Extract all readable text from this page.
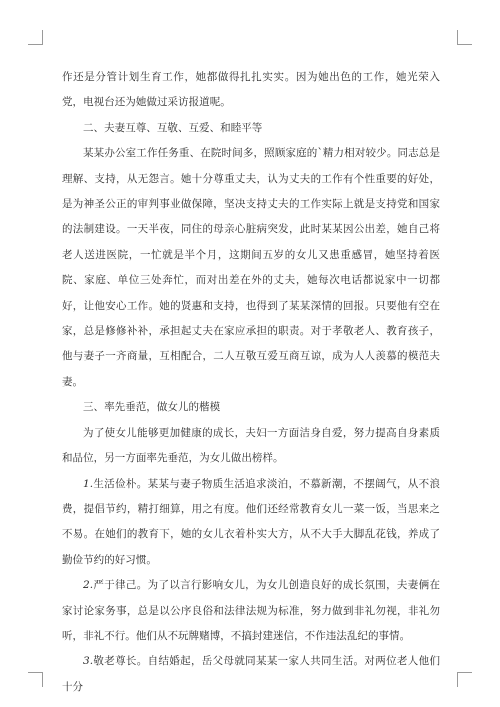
作还是分管计划生育工作，她都做得扎扎实实。因为她出色的工作，她光荣入党，电视台还为她做过采访报道呢。

二、夫妻互尊、互敬、互爱、和睦平等

某某办公室工作任务重、在院时间多，照顾家庭的`精力相对较少。同志总是理解、支持，从无怨言。她十分尊重丈夫，认为丈夫的工作有个性重要的好处，是为神圣公正的审判事业做保障，坚决支持丈夫的工作实际上就是支持党和国家的法制建设。一天半夜，同住的母亲心脏病突发，此时某某因公出差，她自己将老人送进医院，一忙就是半个月，这期间五岁的女儿又患重感冒，她坚持着医院、家庭、单位三处奔忙，而对出差在外的丈夫，她每次电话都说家中一切都好，让他安心工作。她的贤惠和支持，也得到了某某深情的回报。只要他有空在家，总是修修补补，承担起丈夫在家应承担的职责。对于孝敬老人、教育孩子，他与妻子一齐商量，互相配合，二人互敬互爱互商互谅，成为人人羡慕的模范夫妻。

三、率先垂范，做女儿的楷模

为了使女儿能够更加健康的成长，夫妇一方面洁身自爱，努力提高自身素质和品位，另一方面率先垂范，为女儿做出榜样。

1.生活俭朴。某某与妻子物质生活追求淡泊，不慕新潮，不摆阔气，从不浪费，提倡节约，精打细算，用之有度。他们还经常教育女儿一菜一饭，当思来之不易。在她们的教育下，她的女儿衣着朴实大方，从不大手大脚乱花钱，养成了勤俭节约的好习惯。

2.严于律己。为了以言行影响女儿，为女儿创造良好的成长氛围，夫妻俩在家讨论家务事，总是以公序良俗和法律法规为标准，努力做到非礼勿视，非礼勿听，非礼不行。他们从不玩牌赌博，不搞封建迷信，不作违法乱纪的事情。

3.敬老尊长。自结婚起，岳父母就同某某一家人共同生活。对两位老人他们十分
